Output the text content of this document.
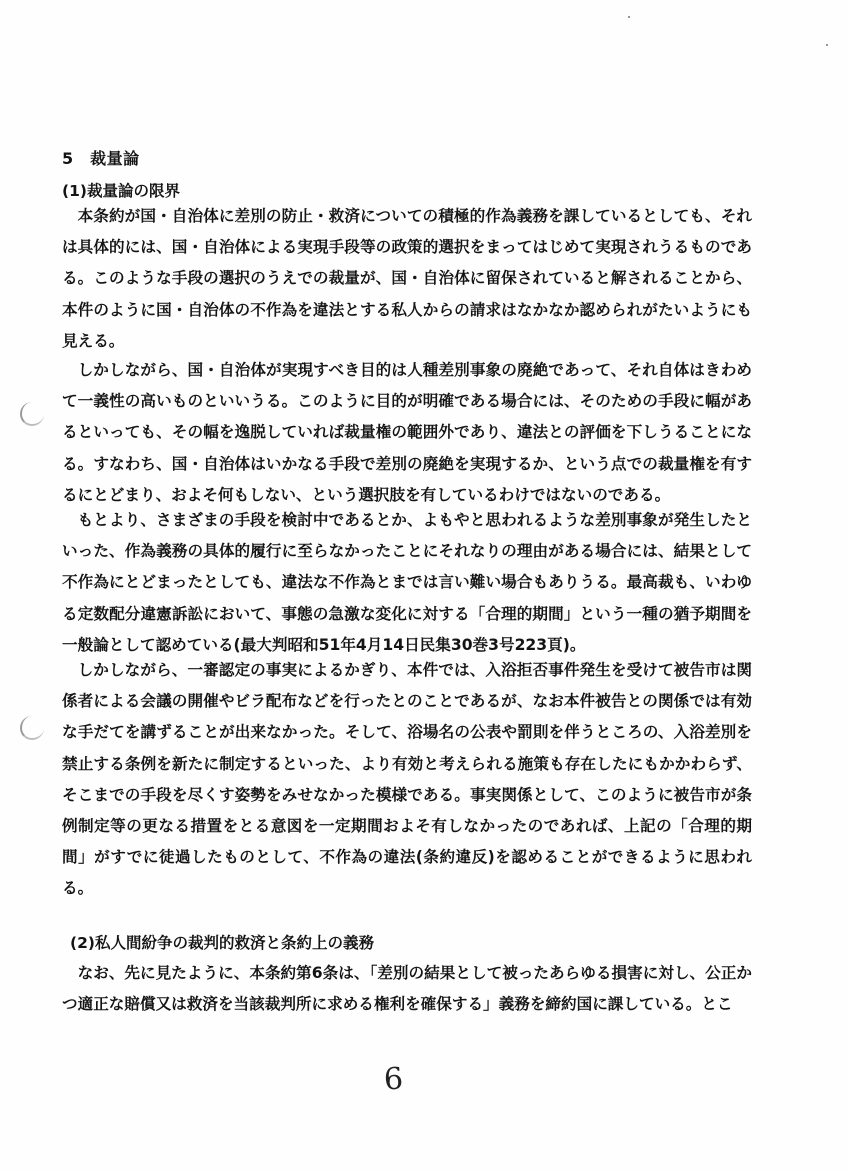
5　裁量論
(1)裁量論の限界

本条約が国・自治体に差別の防止・救済についての積極的作為義務を課しているとしても、それは具体的には、国・自治体による実現手段等の政策的選択をまってはじめて実現されうるものである。このような手段の選択のうえでの裁量が、国・自治体に留保されていると解されることから、本件のように国・自治体の不作為を違法とする私人からの請求はなかなか認められがたいようにも見える。

しかしながら、国・自治体が実現すべき目的は人種差別事象の廃絶であって、それ自体はきわめて一義性の高いものといいうる。このように目的が明確である場合には、そのための手段に幅があるといっても、その幅を逸脱していれば裁量権の範囲外であり、違法との評価を下しうることになる。すなわち、国・自治体はいかなる手段で差別の廃絶を実現するか、という点での裁量権を有するにとどまり、およそ何もしない、という選択肢を有しているわけではないのである。

もとより、さまざまの手段を検討中であるとか、よもやと思われるような差別事象が発生したといった、作為義務の具体的履行に至らなかったことにそれなりの理由がある場合には、結果として不作為にとどまったとしても、違法な不作為とまでは言い難い場合もありうる。最高裁も、いわゆる定数配分違憲訴訟において、事態の急激な変化に対する「合理的期間」という一種の猶予期間を一般論として認めている(最大判昭和51年4月14日民集30巻3号223頁)。

しかしながら、一審認定の事実によるかぎり、本件では、入浴拒否事件発生を受けて被告市は関係者による会議の開催やビラ配布などを行ったとのことであるが、なお本件被告との関係では有効な手だてを講ずることが出来なかった。そして、浴場名の公表や罰則を伴うところの、入浴差別を禁止する条例を新たに制定するといった、より有効と考えられる施策も存在したにもかかわらず、そこまでの手段を尽くす姿勢をみせなかった模様である。事実関係として、このように被告市が条例制定等の更なる措置をとる意図を一定期間およそ有しなかったのであれば、上記の「合理的期間」がすでに徒過したものとして、不作為の違法(条約違反)を認めることができるように思われる。

(2)私人間紛争の裁判的救済と条約上の義務

なお、先に見たように、本条約第6条は、「差別の結果として被ったあらゆる損害に対し、公正かつ適正な賠償又は救済を当該裁判所に求める権利を確保する」義務を締約国に課している。とこ

6
